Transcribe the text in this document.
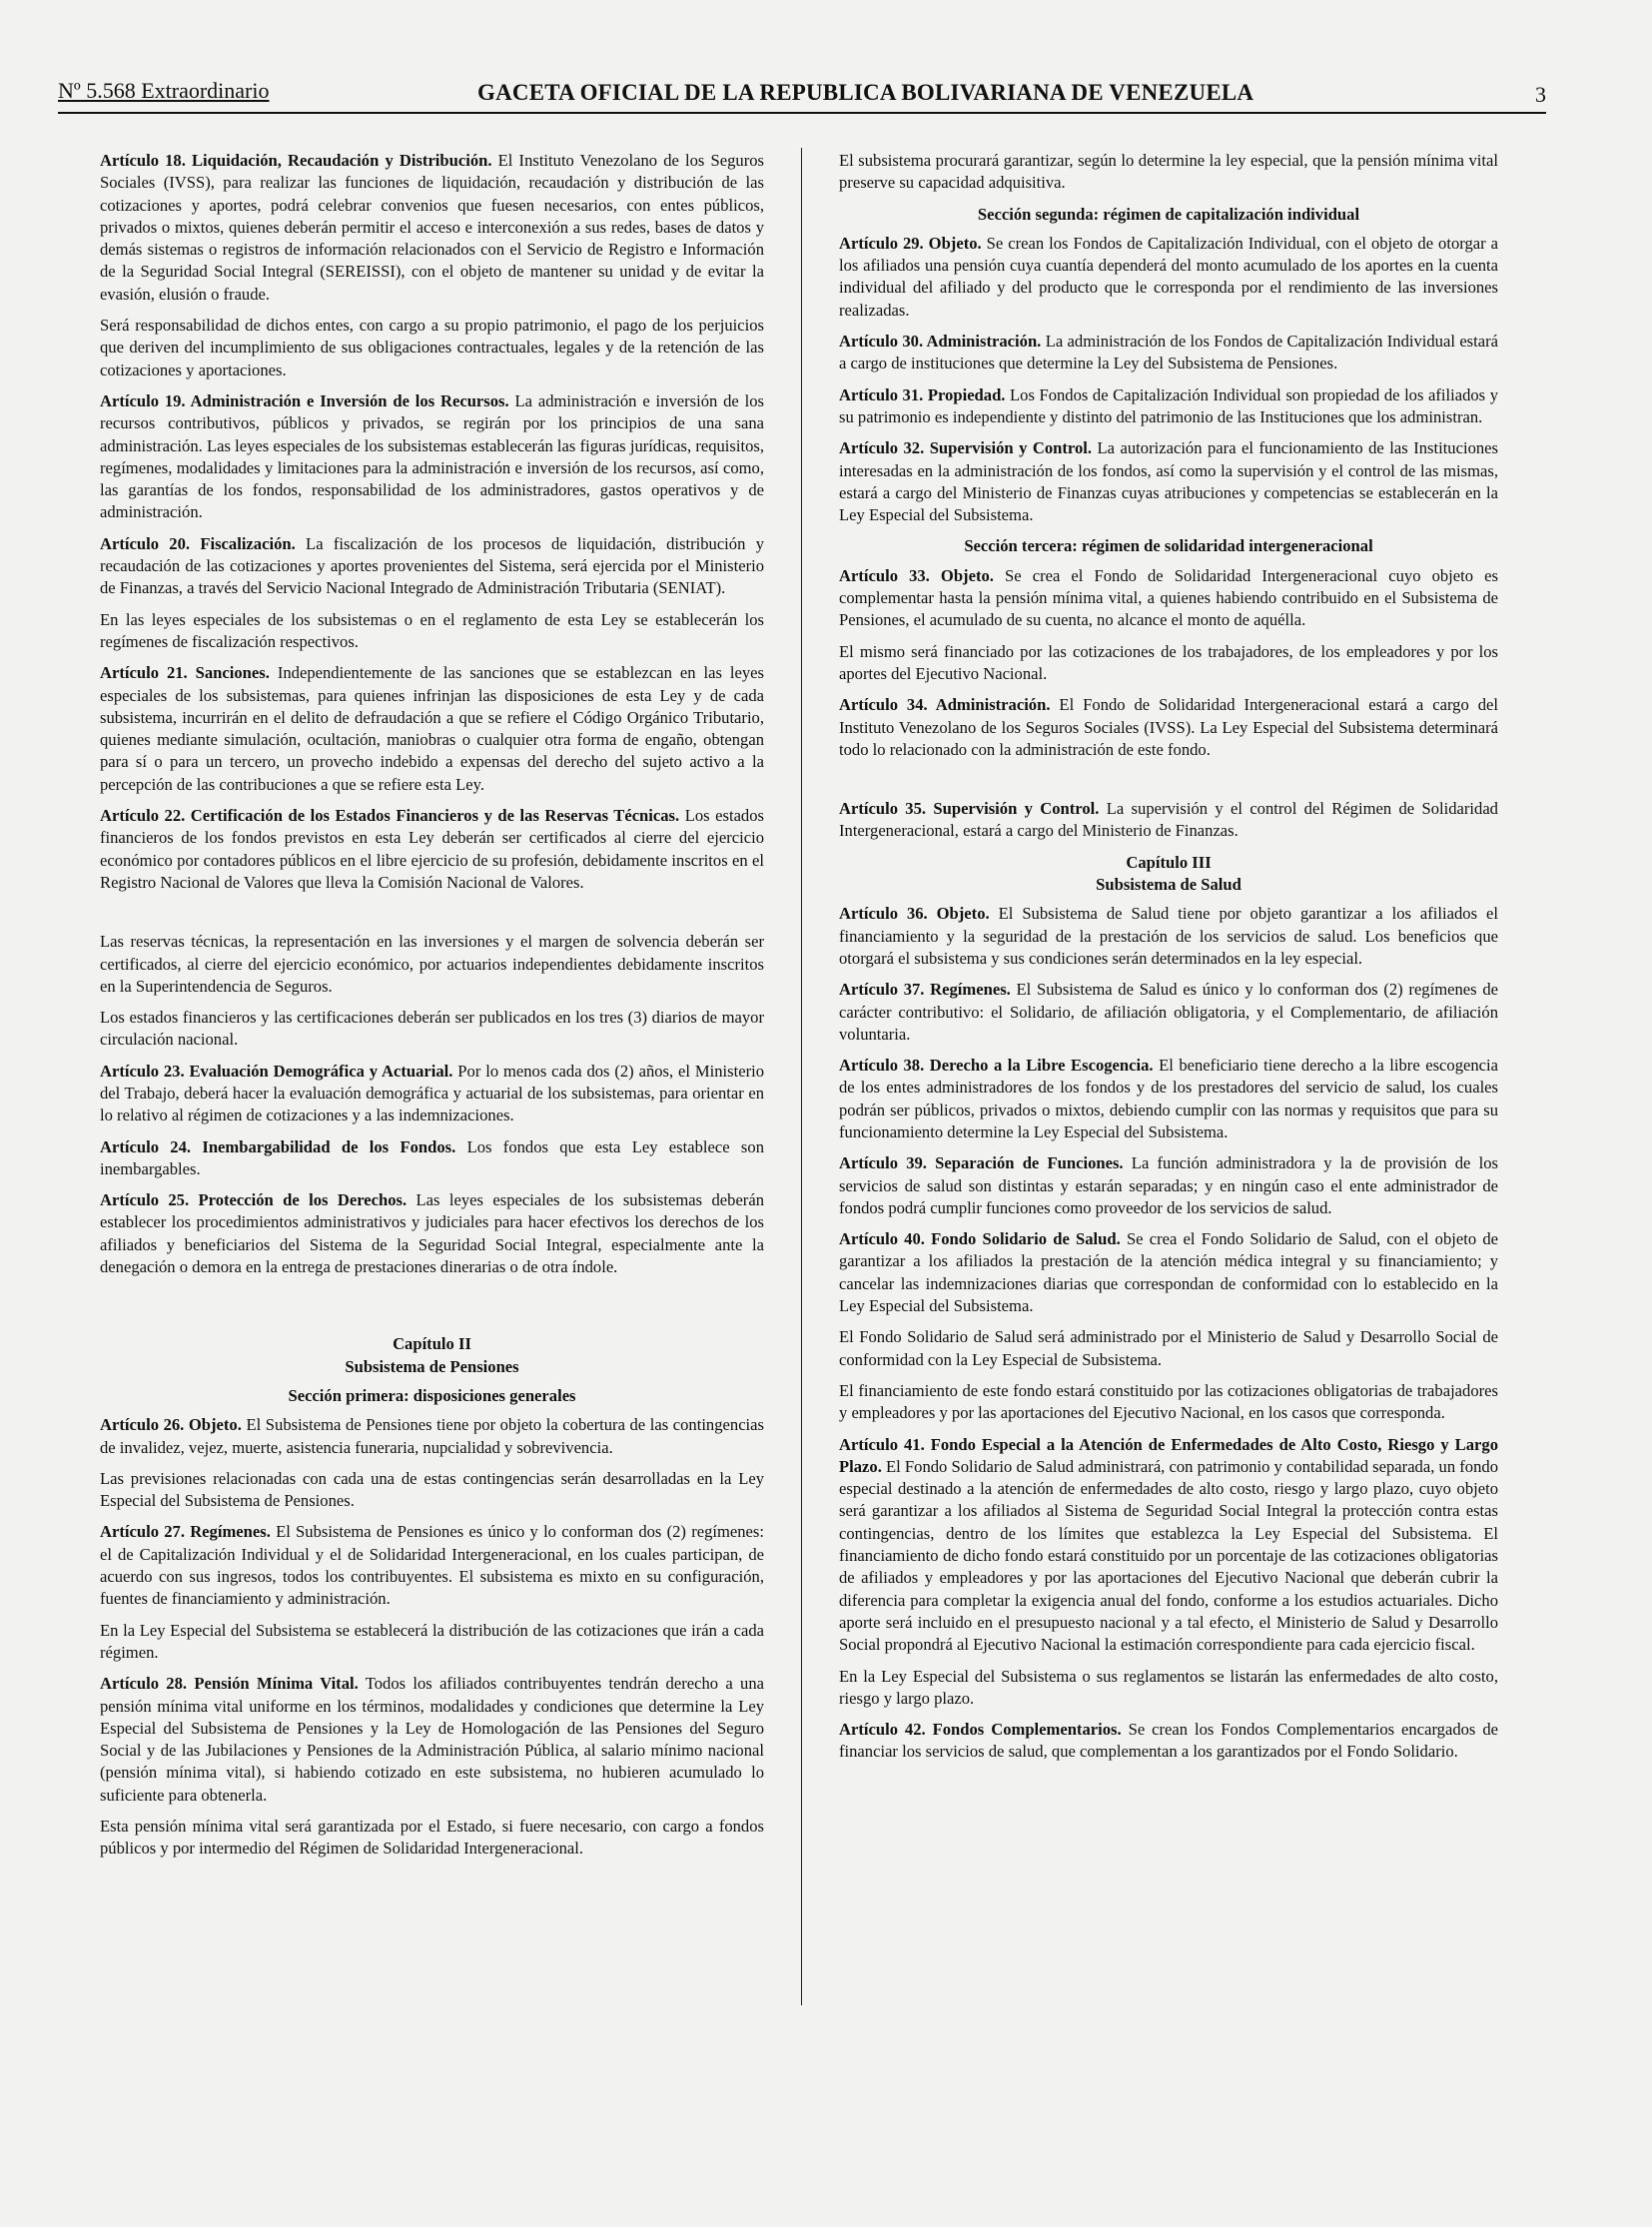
Nº 5.568 Extraordinario	GACETA OFICIAL DE LA REPUBLICA BOLIVARIANA DE VENEZUELA	3

Artículo 18. Liquidación, Recaudación y Distribución. El Instituto Venezolano de los Seguros Sociales (IVSS), para realizar las funciones de liquidación, recaudación y distribución de las cotizaciones y aportes, podrá celebrar convenios que fuesen necesarios, con entes públicos, privados o mixtos, quienes deberán permitir el acceso e interconexión a sus redes, bases de datos y demás sistemas o registros de información relacionados con el Servicio de Registro e Información de la Seguridad Social Integral (SEREISSI), con el objeto de mantener su unidad y de evitar la evasión, elusión o fraude.

Será responsabilidad de dichos entes, con cargo a su propio patrimonio, el pago de los perjuicios que deriven del incumplimiento de sus obligaciones contractuales, legales y de la retención de las cotizaciones y aportaciones.

Artículo 19. Administración e Inversión de los Recursos. La administración e inversión de los recursos contributivos, públicos y privados, se regirán por los principios de una sana administración. Las leyes especiales de los subsistemas establecerán las figuras jurídicas, requisitos, regímenes, modalidades y limitaciones para la administración e inversión de los recursos, así como, las garantías de los fondos, responsabilidad de los administradores, gastos operativos y de administración.

Artículo 20. Fiscalización. La fiscalización de los procesos de liquidación, distribución y recaudación de las cotizaciones y aportes provenientes del Sistema, será ejercida por el Ministerio de Finanzas, a través del Servicio Nacional Integrado de Administración Tributaria (SENIAT).

En las leyes especiales de los subsistemas o en el reglamento de esta Ley se establecerán los regímenes de fiscalización respectivos.

Artículo 21. Sanciones. Independientemente de las sanciones que se establezcan en las leyes especiales de los subsistemas, para quienes infrinjan las disposiciones de esta Ley y de cada subsistema, incurrirán en el delito de defraudación a que se refiere el Código Orgánico Tributario, quienes mediante simulación, ocultación, maniobras o cualquier otra forma de engaño, obtengan para sí o para un tercero, un provecho indebido a expensas del derecho del sujeto activo a la percepción de las contribuciones a que se refiere esta Ley.

Artículo 22. Certificación de los Estados Financieros y de las Reservas Técnicas. Los estados financieros de los fondos previstos en esta Ley deberán ser certificados al cierre del ejercicio económico por contadores públicos en el libre ejercicio de su profesión, debidamente inscritos en el Registro Nacional de Valores que lleva la Comisión Nacional de Valores.

Las reservas técnicas, la representación en las inversiones y el margen de solvencia deberán ser certificados, al cierre del ejercicio económico, por actuarios independientes debidamente inscritos en la Superintendencia de Seguros.

Los estados financieros y las certificaciones deberán ser publicados en los tres (3) diarios de mayor circulación nacional.

Artículo 23. Evaluación Demográfica y Actuarial. Por lo menos cada dos (2) años, el Ministerio del Trabajo, deberá hacer la evaluación demográfica y actuarial de los subsistemas, para orientar en lo relativo al régimen de cotizaciones y a las indemnizaciones.

Artículo 24. Inembargabilidad de los Fondos. Los fondos que esta Ley establece son inembargables.

Artículo 25. Protección de los Derechos. Las leyes especiales de los subsistemas deberán establecer los procedimientos administrativos y judiciales para hacer efectivos los derechos de los afiliados y beneficiarios del Sistema de la Seguridad Social Integral, especialmente ante la denegación o demora en la entrega de prestaciones dinerarias o de otra índole.

Capítulo II
Subsistema de Pensiones
Sección primera: disposiciones generales

Artículo 26. Objeto. El Subsistema de Pensiones tiene por objeto la cobertura de las contingencias de invalidez, vejez, muerte, asistencia funeraria, nupcialidad y sobrevivencia.

Las previsiones relacionadas con cada una de estas contingencias serán desarrolladas en la Ley Especial del Subsistema de Pensiones.

Artículo 27. Regímenes. El Subsistema de Pensiones es único y lo conforman dos (2) regímenes: el de Capitalización Individual y el de Solidaridad Intergeneracional, en los cuales participan, de acuerdo con sus ingresos, todos los contribuyentes. El subsistema es mixto en su configuración, fuentes de financiamiento y administración.

En la Ley Especial del Subsistema se establecerá la distribución de las cotizaciones que irán a cada régimen.

Artículo 28. Pensión Mínima Vital. Todos los afiliados contribuyentes tendrán derecho a una pensión mínima vital uniforme en los términos, modalidades y condiciones que determine la Ley Especial del Subsistema de Pensiones y la Ley de Homologación de las Pensiones del Seguro Social y de las Jubilaciones y Pensiones de la Administración Pública, al salario mínimo nacional (pensión mínima vital), si habiendo cotizado en este subsistema, no hubieren acumulado lo suficiente para obtenerla.

Esta pensión mínima vital será garantizada por el Estado, si fuere necesario, con cargo a fondos públicos y por intermedio del Régimen de Solidaridad Intergeneracional.

El subsistema procurará garantizar, según lo determine la ley especial, que la pensión mínima vital preserve su capacidad adquisitiva.

Sección segunda: régimen de capitalización individual

Artículo 29. Objeto. Se crean los Fondos de Capitalización Individual, con el objeto de otorgar a los afiliados una pensión cuya cuantía dependerá del monto acumulado de los aportes en la cuenta individual del afiliado y del producto que le corresponda por el rendimiento de las inversiones realizadas.

Artículo 30. Administración. La administración de los Fondos de Capitalización Individual estará a cargo de instituciones que determine la Ley del Subsistema de Pensiones.

Artículo 31. Propiedad. Los Fondos de Capitalización Individual son propiedad de los afiliados y su patrimonio es independiente y distinto del patrimonio de las Instituciones que los administran.

Artículo 32. Supervisión y Control. La autorización para el funcionamiento de las Instituciones interesadas en la administración de los fondos, así como la supervisión y el control de las mismas, estará a cargo del Ministerio de Finanzas cuyas atribuciones y competencias se establecerán en la Ley Especial del Subsistema.

Sección tercera: régimen de solidaridad intergeneracional

Artículo 33. Objeto. Se crea el Fondo de Solidaridad Intergeneracional cuyo objeto es complementar hasta la pensión mínima vital, a quienes habiendo contribuido en el Subsistema de Pensiones, el acumulado de su cuenta, no alcance el monto de aquélla.

El mismo será financiado por las cotizaciones de los trabajadores, de los empleadores y por los aportes del Ejecutivo Nacional.

Artículo 34. Administración. El Fondo de Solidaridad Intergeneracional estará a cargo del Instituto Venezolano de los Seguros Sociales (IVSS). La Ley Especial del Subsistema determinará todo lo relacionado con la administración de este fondo.

Artículo 35. Supervisión y Control. La supervisión y el control del Régimen de Solidaridad Intergeneracional, estará a cargo del Ministerio de Finanzas.

Capítulo III
Subsistema de Salud

Artículo 36. Objeto. El Subsistema de Salud tiene por objeto garantizar a los afiliados el financiamiento y la seguridad de la prestación de los servicios de salud. Los beneficios que otorgará el subsistema y sus condiciones serán determinados en la ley especial.

Artículo 37. Regímenes. El Subsistema de Salud es único y lo conforman dos (2) regímenes de carácter contributivo: el Solidario, de afiliación obligatoria, y el Complementario, de afiliación voluntaria.

Artículo 38. Derecho a la Libre Escogencia. El beneficiario tiene derecho a la libre escogencia de los entes administradores de los fondos y de los prestadores del servicio de salud, los cuales podrán ser públicos, privados o mixtos, debiendo cumplir con las normas y requisitos que para su funcionamiento determine la Ley Especial del Subsistema.

Artículo 39. Separación de Funciones. La función administradora y la de provisión de los servicios de salud son distintas y estarán separadas; y en ningún caso el ente administrador de fondos podrá cumplir funciones como proveedor de los servicios de salud.

Artículo 40. Fondo Solidario de Salud. Se crea el Fondo Solidario de Salud, con el objeto de garantizar a los afiliados la prestación de la atención médica integral y su financiamiento; y cancelar las indemnizaciones diarias que correspondan de conformidad con lo establecido en la Ley Especial del Subsistema.

El Fondo Solidario de Salud será administrado por el Ministerio de Salud y Desarrollo Social de conformidad con la Ley Especial de Subsistema.

El financiamiento de este fondo estará constituido por las cotizaciones obligatorias de trabajadores y empleadores y por las aportaciones del Ejecutivo Nacional, en los casos que corresponda.

Artículo 41. Fondo Especial a la Atención de Enfermedades de Alto Costo, Riesgo y Largo Plazo. El Fondo Solidario de Salud administrará, con patrimonio y contabilidad separada, un fondo especial destinado a la atención de enfermedades de alto costo, riesgo y largo plazo, cuyo objeto será garantizar a los afiliados al Sistema de Seguridad Social Integral la protección contra estas contingencias, dentro de los límites que establezca la Ley Especial del Subsistema. El financiamiento de dicho fondo estará constituido por un porcentaje de las cotizaciones obligatorias de afiliados y empleadores y por las aportaciones del Ejecutivo Nacional que deberán cubrir la diferencia para completar la exigencia anual del fondo, conforme a los estudios actuariales. Dicho aporte será incluido en el presupuesto nacional y a tal efecto, el Ministerio de Salud y Desarrollo Social propondrá al Ejecutivo Nacional la estimación correspondiente para cada ejercicio fiscal.

En la Ley Especial del Subsistema o sus reglamentos se listarán las enfermedades de alto costo, riesgo y largo plazo.

Artículo 42. Fondos Complementarios. Se crean los Fondos Complementarios encargados de financiar los servicios de salud, que complementan a los garantizados por el Fondo Solidario.
